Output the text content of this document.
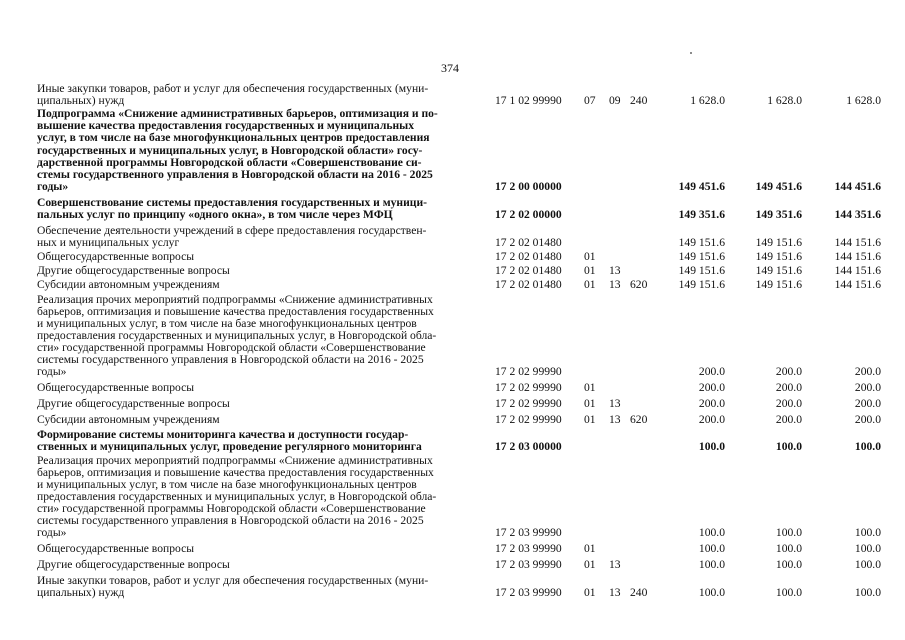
374
Иные закупки товаров, работ и услуг для обеспечения государственных (муни-
ципальных) нужд	17 1 02 99990 07 09 240	1 628.0	1 628.0	1 628.0
Подпрограмма «Снижение административных барьеров, оптимизация и по-
вышение качества предоставления государственных и муниципальных
услуг, в том числе на базе многофункциональных центров предоставления
государственных и муниципальных услуг, в Новгородской области» госу-
дарственной программы Новгородской области «Совершенствование си-
стемы государственного управления в Новгородской области на 2016 - 2025
годы»	17 2 00 00000	149 451.6	149 451.6	144 451.6
Совершенствование системы предоставления государственных и муници-
пальных услуг по принципу «одного окна», в том числе через МФЦ	17 2 02 00000	149 351.6	149 351.6	144 351.6
Обеспечение деятельности учреждений в сфере предоставления государствен-
ных и муниципальных услуг	17 2 02 01480	149 151.6	149 151.6	144 151.6
Общегосударственные вопросы	17 2 02 01480 01	149 151.6	149 151.6	144 151.6
Другие общегосударственные вопросы	17 2 02 01480 01 13	149 151.6	149 151.6	144 151.6
Субсидии автономным учреждениям	17 2 02 01480 01 13 620	149 151.6	149 151.6	144 151.6
Реализация прочих мероприятий подпрограммы «Снижение административных
барьеров, оптимизация и повышение качества предоставления государственных
и муниципальных услуг, в том числе на базе многофункциональных центров
предоставления государственных и муниципальных услуг, в Новгородской обла-
сти» государственной программы Новгородской области «Совершенствование
системы государственного управления в Новгородской области на 2016 - 2025
годы»	17 2 02 99990	200.0	200.0	200.0
Общегосударственные вопросы	17 2 02 99990 01	200.0	200.0	200.0
Другие общегосударственные вопросы	17 2 02 99990 01 13	200.0	200.0	200.0
Субсидии автономным учреждениям	17 2 02 99990 01 13 620	200.0	200.0	200.0
Формирование системы мониторинга качества и доступности государ-
ственных и муниципальных услуг, проведение регулярного мониторинга	17 2 03 00000	100.0	100.0	100.0
Реализация прочих мероприятий подпрограммы «Снижение административных
барьеров, оптимизация и повышение качества предоставления государственных
и муниципальных услуг, в том числе на базе многофункциональных центров
предоставления государственных и муниципальных услуг, в Новгородской обла-
сти» государственной программы Новгородской области «Совершенствование
системы государственного управления в Новгородской области на 2016 - 2025
годы»	17 2 03 99990	100.0	100.0	100.0
Общегосударственные вопросы	17 2 03 99990 01	100.0	100.0	100.0
Другие общегосударственные вопросы	17 2 03 99990 01 13	100.0	100.0	100.0
Иные закупки товаров, работ и услуг для обеспечения государственных (муни-
ципальных) нужд	17 2 03 99990 01 13 240	100.0	100.0	100.0
